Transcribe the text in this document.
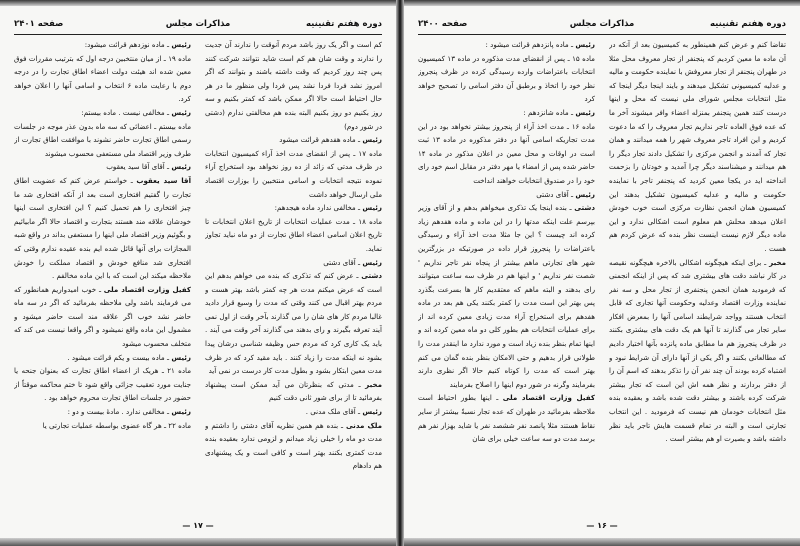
دوره هفتم تقنینیه
مذاکرات مجلس
صفحه ۲۴۰۱

کم است و اگر یک روز باشد مردم آنوقت را ندارند آن جدیت را ندارند و وقت شان هم کم است شاید نتوانند شرکت کنند پس چند روز کردیم که وقت داشته باشند و بتوانند که اگر امروز نشد فردا فردا نشد پس فردا ولی منظور ما در هر حال احتیاط است حالا اگر ممکن باشد که کمتر بکنیم و سه روز بکنیم دو روز بکنیم البته بنده هم مخالفتی ندارم (دشتی در شور دوم)

رئیس ـ ماده هفدهم قرائت میشود

ماده ۱۷ ـ پس از انقضای مدت اخذ آراء کمیسیون انتخابات در ظرف مدتی که زائد از ده روز نخواهد بود استخراج آراء نموده نتیجه انتخابات و اسامی منتخبین را بوزارت اقتصاد ملی ارسال خواهد داشت

رئیس ـ مخالفی ندارد ماده هیجدهم:

ماده ۱۸ ـ مدت عملیات انتخابات از تاریخ اعلان انتخابات تا تاریخ اعلان اسامی اعضاء اطاق تجارت از دو ماه نباید تجاوز نماید.

رئیس ـ آقای دشتی

دشتی ـ عرض کنم که تذکری که بنده می خواهم بدهم این است که عرض میکنم مدت هر چه کمتر باشد بهتر هست و مردم بهتر اقبال می کنند وقتی که مدت را وسیع قرار دادید غالبا مردم کار های شان را می گذارند بآخر وقت از اول نمی آیند تعرفه بگیرند و رای بدهند می گذارند آخر وقت می آیند . باید یک کاری کرد که مردم حس وظیفه شناسی درشان پیدا بشود نه اینکه مدت را زیاد کنند . باید مقید کرد که در ظرف مدت معین ابتکار بشود و بطول مدت کار درست در نمی آید

مخبر ـ مدتی که بنظرتان می آید ممکن است پیشنهاد بفرمائید تا از برای شور ثانی دقت کنیم

رئیس ـ آقای ملک مدنی .

ملک مدنی ـ بنده هم همین نظریه آقای دشتی را داشتم و مدت دو ماه را خیلی زیاد میدانم و لزومی ندارد بعقیده بنده مدت کمتری بکنند بهتر است و کافی است و یک پیشنهادی هم دادهام

رئیس ـ ماده نوزدهم قرائت میشود:

ماده ۱۹ ـ از میان منتخبین درجه اول که بترتیب مقررات فوق معین شده اند هیئت دولت اعضاء اطاق تجارت را در درجه دوم با رعایت ماده ۶ انتخاب و اسامی آنها را اعلان خواهد کرد.

رئیس ـ مخالفی نیست . ماده بیستم:

ماده بیستم ـ اعضائی که سه ماه بدون عذر موجه در جلسات رسمی اطاق تجارت حاضر نشوند با موافقت اطاق تجارت از طرف وزیر اقتصاد ملی مستعفی محسوب میشوند

رئیس ـ آقای آقا سید یعقوب

آقا سید یعقوب ـ خواستم عرض کنم که عضویت اطاق تجارت را گفتیم افتخاری است بعد از آنکه افتخاری شد ما چیز افتخاری را هم تحمیل کنیم ؟ این افتخاری است اینها خودشان علاقه مند هستند بتجارت و اقتصاد حالا اگر مابیائیم و بگوئیم وزیر اقتصاد ملی اینها را مستعفی بداند در واقع شبه المجازات برای آنها قائل شده ایم بنده عقیده ندارم وقتی که افتخاری شد منافع خودش و اقتصاد مملکت را خودش ملاحظه میکند این است که با این ماده مخالفم .

کفیل وزارت اقتصاد ملی ـ خوب امیدواریم همانطور که می فرمایند باشد ولی ملاحظه بفرمائید که اگر در سه ماه حاضر نشد خوب اگر علاقه مند است حاضر میشود و مشمول این ماده واقع نمیشود و اگر واقعا نیست می کند که متخلف محسوب میشود

رئیس ـ ماده بیست و یکم قرائت میشود .

ماده ۲۱ ـ هریک از اعضاء اطاق تجارت که بعنوان جنحه یا جنایت مورد تعقیب جزائی واقع شود تا ختم محاکمه موقتاً از حضور در جلسات اطاق تجارت محروم خواهد بود .

رئیس ـ مخالفی ندارد . مادهٔ بیست و دو :

ماده ۲۲ ـ هر گاه عضوی بواسطه عملیات تجارتی یا

— ۱۷ —
دوره هفتم تقنینیه
مذاکرات مجلس
صفحه ۲۴۰۰

تقاضا کنم و عرض کنم همینطور به کمیسیون بعد از آنکه در آن ماده ما معین کردیم که پنجنفر از تجار معروف محل مثلا در طهران پنجنفر از تجار معروفش با نماینده حکومت و مالیه و عدلیه کمیسیونی تشکیل میدهند و بایند اینجا دیگر اینجا که مثل انتخابات مجلس شورای ملی نیست که محل و اینها درست کنند همین پنجنفر بمنزله اعضاء وافر میشوند آخر ما که عده فوق العاده تاجر نداریم تجار معروف را که ما دعوت کردیم و این افراد تاجر معروف شهر را همه میدانند و همان تجار که آمدند و انجمن مرکزی را تشکیل دادند تجار دیگر را هم میدانند و میشناسند دیگر چرا آمدید و خودتان را بزحمت انداخته اید در یکجا معین کردید که پنجنفر تاجر با نماینده حکومت و مالیه و عدلیه کمیسیون تشکیل بدهند این کمیسیون همان انجمن نظارت مرکزی است خوب خودش اعلان میدهد محلش هم معلوم است اشکالی ندارد و این ماده دیگر لازم نیست اینست نظر بنده که عرض کردم هم هست .

مخبر ـ برای اینکه هیچگونه اشکالی بالاخره هیچگونه نقیصه در کار نباشد دقت های بیشتری شد که پس از اینکه انجمنی که فرمودید همان انجمن پنجنفری از تجار محل و سه نفر نماینده وزارت اقتصاد وعدلیه وحکومت آنها تجاری که قابل انتخاب هستند وواجد شرایطند اسامی آنها را بمعرض افکار سایر تجار می گذارند تا آنها هم یک دقت های بیشتری بکنند در ظرف پنجروز هم ما مطابق ماده پانزده بآنها اختیار دادیم که مطالعاتی بکنند و اگر یکی از آنها دارای آن شرایط نبود و اشتباه کرده بودند آن چند نفر آن را تذکر بدهند که اسم آن را از دفتر بردارند و نظر همه اش این است که تجار بیشتر شرکت کرده باشند و بیشتر دقت شده باشد و بعقیده بنده مثل انتخابات خودمان هم نیست که فرمودید . این انتخاب تجارتی است و البته در تمام قسمت هایش تاجر باید نظر داشته باشد و بصیرت او هم بیشتر است .

رئیس ـ ماده پانزدهم قرائت میشود :

ماده ۱۵ ـ پس از انقضای مدت مذکوره در ماده ۱۳ کمیسیون انتخابات باعتراضات وارده رسیدگی کرده در ظرف پنجروز نظر خود را اتخاذ و برطبق آن دفتر اسامی را تصحیح خواهد کرد

رئیس ـ ماده شانزدهم :

ماده ۱۶ ـ مدت اخذ آراء از پنجروز بیشتر نخواهد بود در این مدت تجاریکه اسامی آنها در دفتر مذکوره در ماده ۱۳ ثبت است در اوقات و محل معین در اعلان مذکور در ماده ۱۴ حاضر شده پس از امضاء یا مهر دفتر در مقابل اسم خود رای خود را در صندوق انتخابات خواهند انداخت

رئیس ـ آقای دشتی

دشتی ـ بنده اینجا یک تذکری میخواهم بدهم و از آقای وزیر بپرسم علت اینکه مدتها را در این ماده و ماده هفدهم زیاد کرده اند چیست ؟ این جا مثلا مدت اخذ آراء و رسیدگی باعتراضات را پنجروز قرار داده در صورتیکه در بزرگترین شهر های تجارتی ماهم بیشتر از پنجاه نفر تاجر نداریم ' شصت نفر نداریم ' و اینها هم در ظرف سه ساعت میتوانند رای بدهند و البته ماهم که معتقدیم کار ها بسرعت بگذرد پس بهتر این است مدت را کمتر بکنند یکی هم بعد در ماده هفدهم برای استخراج آراء مدت زیادی معین کرده اند از برای عملیات انتخابات هم بطور کلی دو ماه معین کرده اند و اینها تمام بنظر بنده زیاد است و مورد ندارد ما اینقدر مدت را طولانی قرار بدهیم و حتی الامکان بنظر بنده گمان می کنم بهتر است که مدت را کوتاه کنیم حالا اگر نظری دارند بفرمایند وگرنه در شور دوم اینها را اصلاح بفرمایند

کفیل وزارت اقتصاد ملی ـ اینها بطور احتیاط است ملاحظه بفرمائید در طهران که عده تجار نسبةً بیشتر از سایر نقاط هستند مثلا پانصد نفر ششصد نفر یا شاید بهزار نفر هم برسد مدت دو سه ساعت خیلی برای شان

— ۱۶ —
